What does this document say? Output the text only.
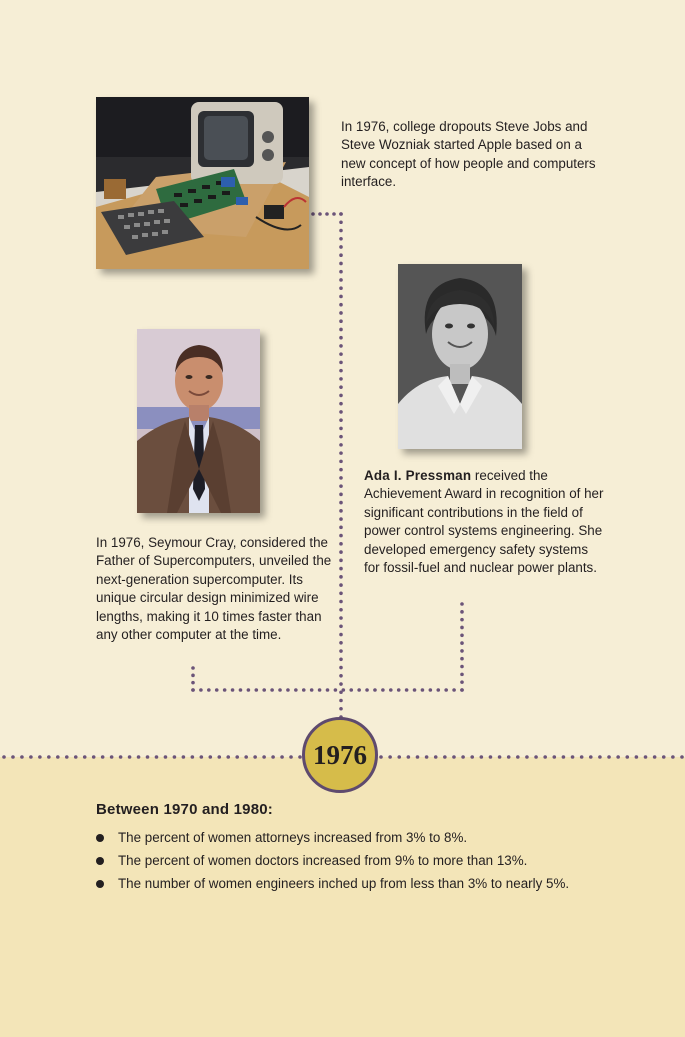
In 1976, college dropouts Steve Jobs and Steve Wozniak started Apple based on a new concept of how people and computers interface.

Ada I. Pressman received the Achievement Award in recognition of her significant contributions in the field of power control systems engineering. She developed emergency safety systems for fossil-fuel and nuclear power plants.

In 1976, Seymour Cray, considered the Father of Supercomputers, unveiled the next-generation supercomputer. Its unique circular design minimized wire lengths, making it 10 times faster than any other computer at the time.

1976
Between 1970 and 1980:
The percent of women attorneys increased from 3% to 8%.
The percent of women doctors increased from 9% to more than 13%.
The number of women engineers inched up from less than 3% to nearly 5%.
